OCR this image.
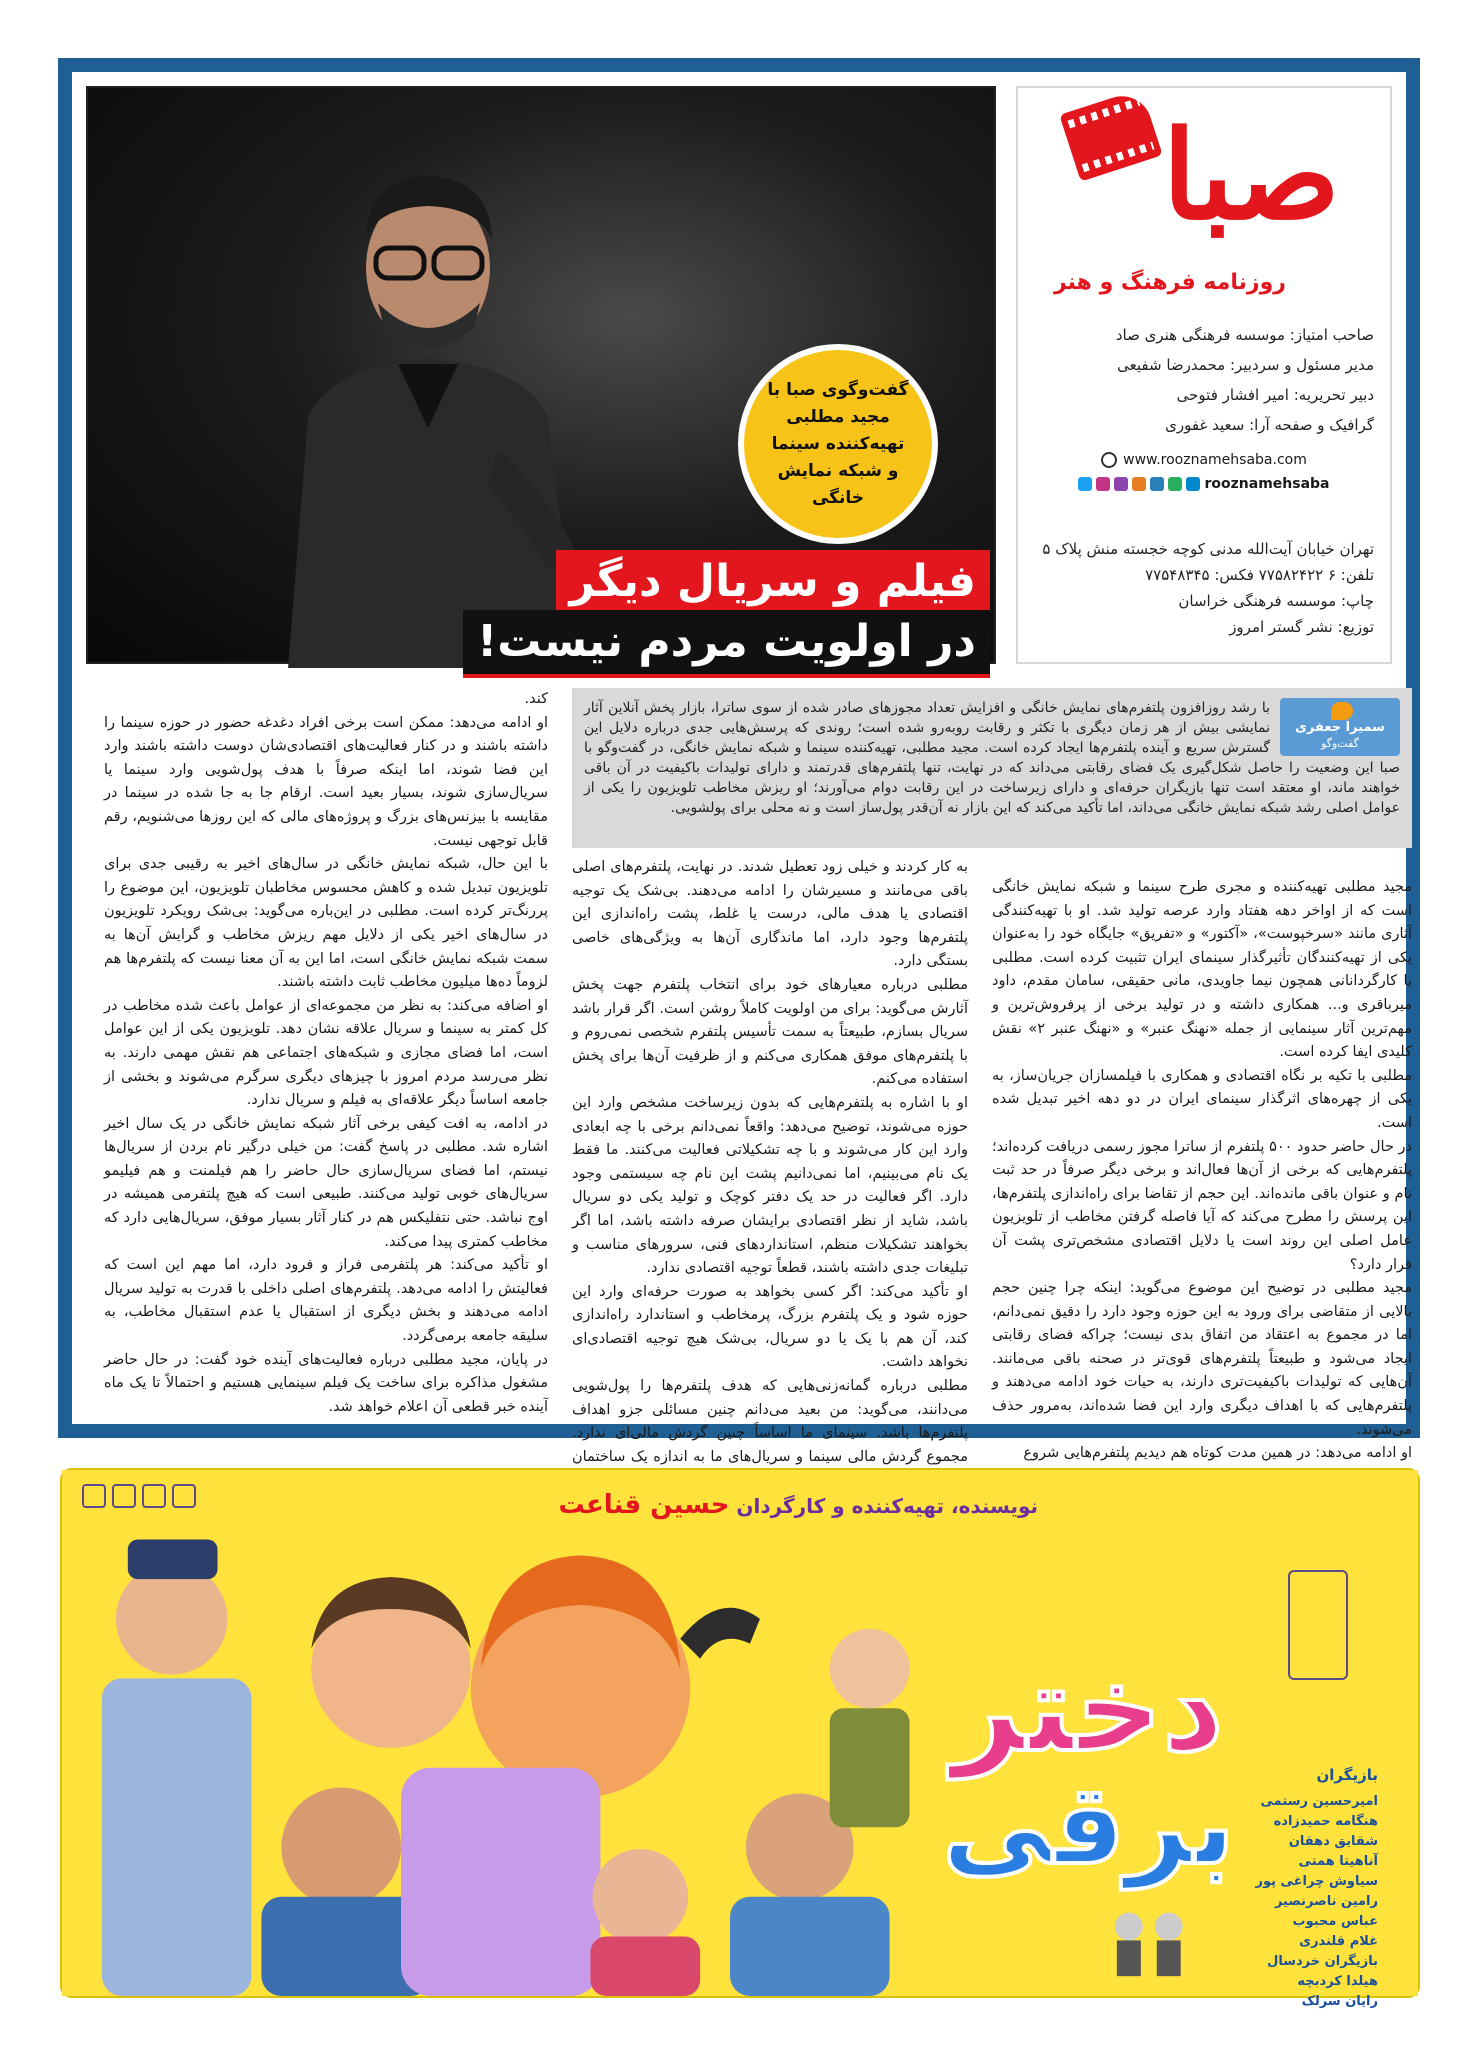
گفت‌وگوی صبا با مجید مطلبی تهیه‌کننده سینما و شبکه نمایش خانگی
فیلم و سریال دیگر
در اولویت مردم نیست!
صبا
روزنامه فرهنگ و هنر
صاحب امتیاز: موسسه فرهنگی هنری صاد
مدیر مسئول و سردبیر: محمدرضا شفیعی
دبیر تحریریه: امیر افشار فتوحی
گرافیک و صفحه آرا: سعید غفوری
www.rooznamehsaba.com
rooznamehsaba
تهران خیابان آیت‌الله مدنی کوچه خجسته منش پلاک ۵
تلفن: ۶ ۷۷۵۸۲۴۲۲ فکس: ۷۷۵۴۸۳۴۵
چاپ: موسسه فرهنگی خراسان
توزیع: نشر گستر امروز
سمیرا جعفری
گفت‌وگو
با رشد روزافزون پلتفرم‌های نمایش خانگی و افزایش تعداد مجوزهای صادر شده از سوی ساترا، بازار پخش آنلاین آثار نمایشی بیش از هر زمان دیگری با تکثر و رقابت روبه‌رو شده است؛ روندی که پرسش‌هایی جدی درباره دلایل این گسترش سریع و آینده پلتفرم‌ها ایجاد کرده است. مجید مطلبی، تهیه‌کننده سینما و شبکه نمایش خانگی، در گفت‌وگو با صبا این وضعیت را حاصل شکل‌گیری یک فضای رقابتی می‌داند که در نهایت، تنها پلتفرم‌های قدرتمند و دارای تولیدات باکیفیت در آن باقی خواهند ماند، او معتقد است تنها بازیگران حرفه‌ای و دارای زیرساخت در این رقابت دوام می‌آورند؛ او ریزش مخاطب تلویزیون را یکی از عوامل اصلی رشد شبکه نمایش خانگی می‌داند، اما تأکید می‌کند که این بازار نه آن‌قدر پول‌ساز است و نه محلی برای پولشویی.
مجید مطلبی تهیه‌کننده و مجری طرح سینما و شبکه نمایش خانگی است که از اواخر دهه هفتاد وارد عرصه تولید شد. او با تهیه‌کنندگی آثاری مانند «سرخپوست»، «آکتور» و «تفریق» جایگاه خود را به‌عنوان یکی از تهیه‌کنندگان تأثیرگذار سینمای ایران تثبیت کرده است. مطلبی با کارگردانانی همچون نیما جاویدی، مانی حقیقی، سامان مقدم، داود میرباقری و... همکاری داشته و در تولید برخی از پرفروش‌ترین و مهم‌ترین آثار سینمایی از جمله «نهنگ عنبر» و «نهنگ عنبر ۲» نقش کلیدی ایفا کرده است.
مطلبی با تکیه بر نگاه اقتصادی و همکاری با فیلمسازان جریان‌ساز، به یکی از چهره‌های اثرگذار سینمای ایران در دو دهه اخیر تبدیل شده است.
در حال حاضر حدود ۵۰۰ پلتفرم از ساترا مجوز رسمی دریافت کرده‌اند؛ پلتفرم‌هایی که برخی از آن‌ها فعال‌اند و برخی دیگر صرفاً در حد ثبت نام و عنوان باقی مانده‌اند. این حجم از تقاضا برای راه‌اندازی پلتفرم‌ها، این پرسش را مطرح می‌کند که آیا فاصله گرفتن مخاطب از تلویزیون عامل اصلی این روند است یا دلایل اقتصادی مشخص‌تری پشت آن قرار دارد؟
مجید مطلبی در توضیح این موضوع می‌گوید: اینکه چرا چنین حجم بالایی از متقاضی برای ورود به این حوزه وجود دارد را دقیق نمی‌دانم، اما در مجموع به اعتقاد من اتفاق بدی نیست؛ چراکه فضای رقابتی ایجاد می‌شود و طبیعتاً پلتفرم‌های قوی‌تر در صحنه باقی می‌مانند. آن‌هایی که تولیدات باکیفیت‌تری دارند، به حیات خود ادامه می‌دهند و پلتفرم‌هایی که با اهداف دیگری وارد این فضا شده‌اند، به‌مرور حذف می‌شوند.
او ادامه می‌دهد: در همین مدت کوتاه هم دیدیم پلتفرم‌هایی شروع
به کار کردند و خیلی زود تعطیل شدند. در نهایت، پلتفرم‌های اصلی باقی می‌مانند و مسیرشان را ادامه می‌دهند. بی‌شک یک توجیه اقتصادی یا هدف مالی، درست یا غلط، پشت راه‌اندازی این پلتفرم‌ها وجود دارد، اما ماندگاری آن‌ها به ویژگی‌های خاصی بستگی دارد.
مطلبی درباره معیارهای خود برای انتخاب پلتفرم جهت پخش آثارش می‌گوید: برای من اولویت کاملاً روشن است. اگر قرار باشد سریال بسازم، طبیعتاً به سمت تأسیس پلتفرم شخصی نمی‌روم و با پلتفرم‌های موفق همکاری می‌کنم و از ظرفیت آن‌ها برای پخش استفاده می‌کنم.
او با اشاره به پلتفرم‌هایی که بدون زیرساخت مشخص وارد این حوزه می‌شوند، توضیح می‌دهد: واقعاً نمی‌دانم برخی با چه ابعادی وارد این کار می‌شوند و با چه تشکیلاتی فعالیت می‌کنند. ما فقط یک نام می‌بینیم، اما نمی‌دانیم پشت این نام چه سیستمی وجود دارد. اگر فعالیت در حد یک دفتر کوچک و تولید یکی دو سریال باشد، شاید از نظر اقتصادی برایشان صرفه داشته باشد، اما اگر بخواهند تشکیلات منظم، استانداردهای فنی، سرورهای مناسب و تبلیغات جدی داشته باشند، قطعاً توجیه اقتصادی ندارد.
او تأکید می‌کند: اگر کسی بخواهد به صورت حرفه‌ای وارد این حوزه شود و یک پلتفرم بزرگ، پرمخاطب و استاندارد راه‌اندازی کند، آن هم با یک یا دو سریال، بی‌شک هیچ توجیه اقتصادی‌ای نخواهد داشت.
مطلبی درباره گمانه‌زنی‌هایی که هدف پلتفرم‌ها را پول‌شویی می‌دانند، می‌گوید: من بعید می‌دانم چنین مسائلی جزو اهداف پلتفرم‌ها باشد. سینمای ما اساساً چنین گردش مالی‌ای ندارد. مجموع گردش مالی سینما و سریال‌های ما به اندازه یک ساختمان
کند.
او ادامه می‌دهد: ممکن است برخی افراد دغدغه حضور در حوزه سینما را داشته باشند و در کنار فعالیت‌های اقتصادی‌شان دوست داشته باشند وارد این فضا شوند، اما اینکه صرفاً با هدف پول‌شویی وارد سینما یا سریال‌سازی شوند، بسیار بعید است. ارقام جا به جا شده در سینما در مقایسه با بیزنس‌های بزرگ و پروژه‌های مالی که این روزها می‌شنویم، رقم قابل توجهی نیست.
با این حال، شبکه نمایش خانگی در سال‌های اخیر به رقیبی جدی برای تلویزیون تبدیل شده و کاهش محسوس مخاطبان تلویزیون، این موضوع را پررنگ‌تر کرده است. مطلبی در این‌باره می‌گوید: بی‌شک رویکرد تلویزیون در سال‌های اخیر یکی از دلایل مهم ریزش مخاطب و گرایش آن‌ها به سمت شبکه نمایش خانگی است، اما این به آن معنا نیست که پلتفرم‌ها هم لزوماً ده‌ها میلیون مخاطب ثابت داشته باشند.
او اضافه می‌کند: به نظر من مجموعه‌ای از عوامل باعث شده مخاطب در کل کمتر به سینما و سریال علاقه نشان دهد. تلویزیون یکی از این عوامل است، اما فضای مجازی و شبکه‌های اجتماعی هم نقش مهمی دارند. به نظر می‌رسد مردم امروز با چیزهای دیگری سرگرم می‌شوند و بخشی از جامعه اساساً دیگر علاقه‌ای به فیلم و سریال ندارد.
در ادامه، به افت کیفی برخی آثار شبکه نمایش خانگی در یک سال اخیر اشاره شد. مطلبی در پاسخ گفت: من خیلی درگیر نام بردن از سریال‌ها نیستم، اما فضای سریال‌سازی حال حاضر را هم فیلمنت و هم فیلیمو سریال‌های خوبی تولید می‌کنند. طبیعی است که هیچ پلتفرمی همیشه در اوج نباشد. حتی نتفلیکس هم در کنار آثار بسیار موفق، سریال‌هایی دارد که مخاطب کمتری پیدا می‌کند.
او تأکید می‌کند: هر پلتفرمی فراز و فرود دارد، اما مهم این است که فعالیتش را ادامه می‌دهد. پلتفرم‌های اصلی داخلی با قدرت به تولید سریال ادامه می‌دهند و بخش دیگری از استقبال یا عدم استقبال مخاطب، به سلیقه جامعه برمی‌گردد.
در پایان، مجید مطلبی درباره فعالیت‌های آینده خود گفت: در حال حاضر مشغول مذاکره برای ساخت یک فیلم سینمایی هستیم و احتمالاً تا یک ماه آینده خبر قطعی آن اعلام خواهد شد.
نویسنده، تهیه‌کننده و کارگردان حسین قناعت
دختر
برقی	بازیگران
امیرحسین رستمی
هنگامه حمیدزاده
شقایق دهقان
آناهیتا همتی
سیاوش چراغی پور
رامین ناصرنصیر
عباس محبوب
غلام قلندری
بازیگران خردسال
هیلدا کردبچه
رایان سرلک
